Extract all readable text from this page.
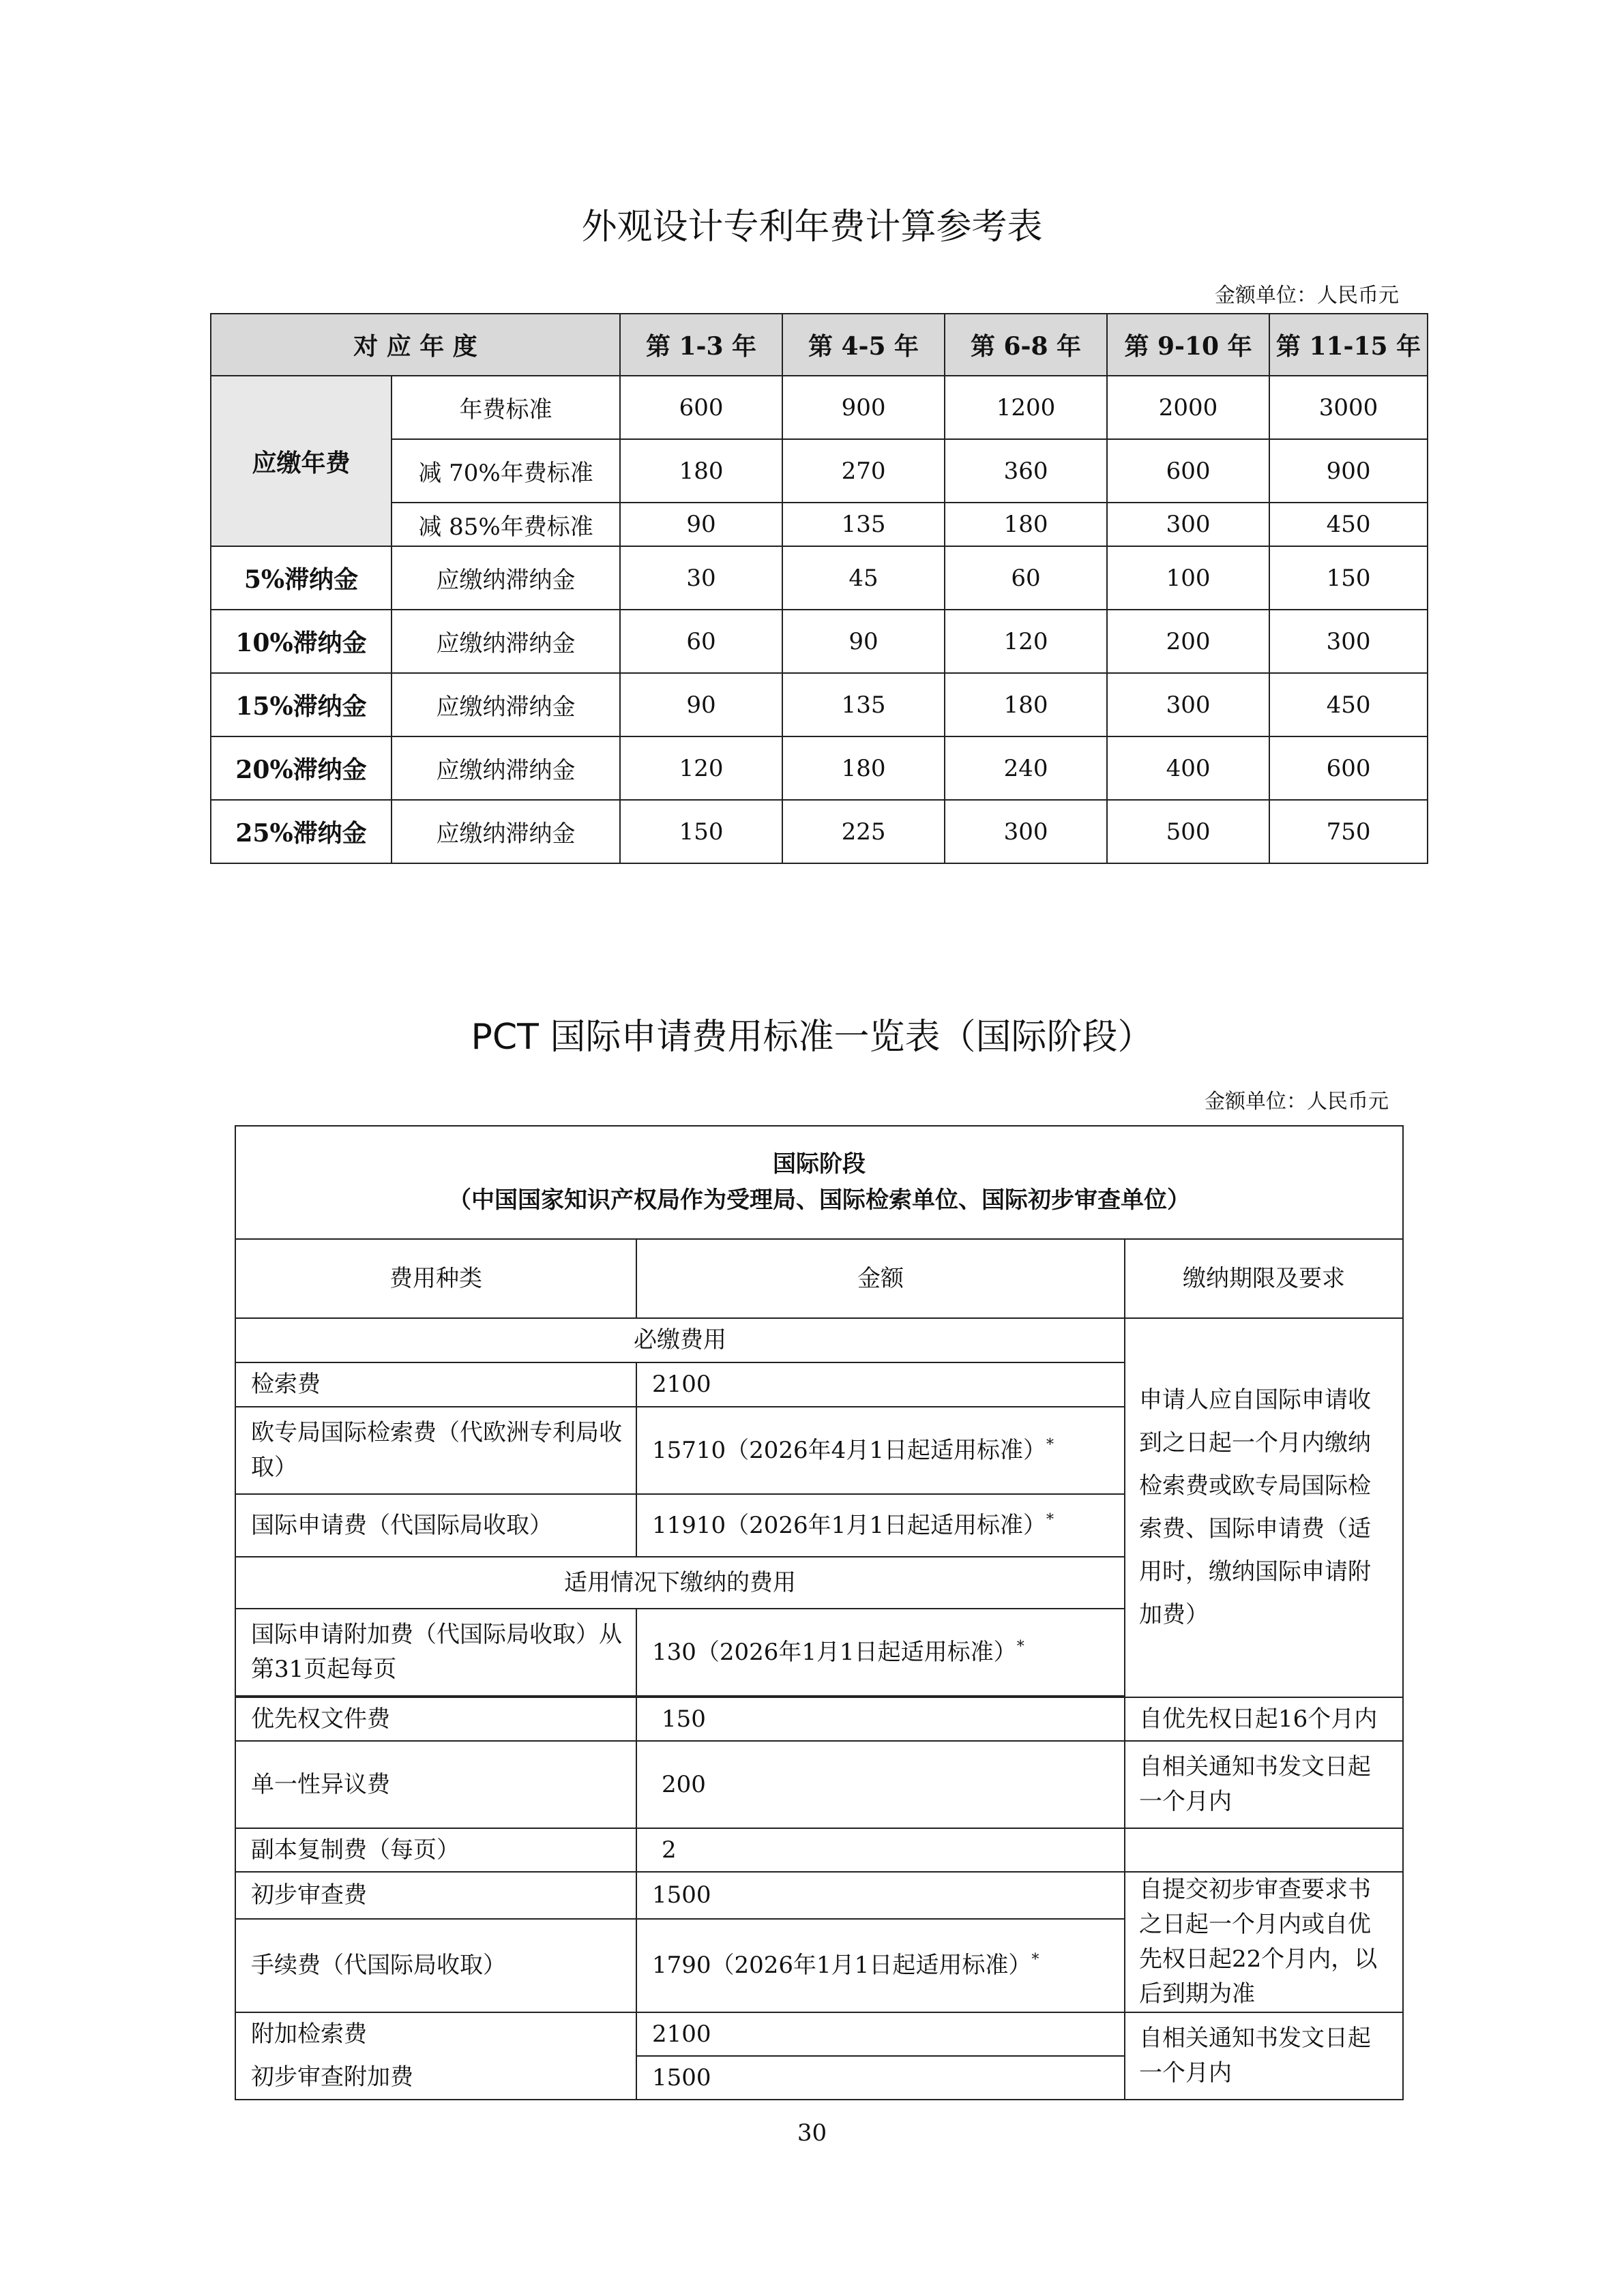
外观设计专利年费计算参考表
金额单位：人民币元
对 应 年 度		第 1-3 年	第 4-5 年	第 6-8 年	第 9-10 年	第 11-15 年
应缴年费	年费标准	600	900	1200	2000	3000
	减 70%年费标准	180	270	360	600	900
	减 85%年费标准	90	135	180	300	450
5%滞纳金	应缴纳滞纳金	30	45	60	100	150
10%滞纳金	应缴纳滞纳金	60	90	120	200	300
15%滞纳金	应缴纳滞纳金	90	135	180	300	450
20%滞纳金	应缴纳滞纳金	120	180	240	400	600
25%滞纳金	应缴纳滞纳金	150	225	300	500	750
PCT 国际申请费用标准一览表（国际阶段）
金额单位：人民币元
国际阶段
（中国国家知识产权局作为受理局、国际检索单位、国际初步审查单位）		

费用种类	金额	缴纳期限及要求
必缴费用		申请人应自国际申请收到之日起一个月内缴纳检索费或欧专局国际检索费、国际申请费（适用时，缴纳国际申请附加费）
检索费	2100	
欧专局国际检索费（代欧洲专利局收取）	15710（2026年4月1日起适用标准）*
国际申请费（代国际局收取）	11910（2026年1月1日起适用标准）*
适用情况下缴纳的费用		
国际申请附加费（代国际局收取）从第31页起每页	130（2026年1月1日起适用标准）*

优先权文件费	150	自优先权日起16个月内
单一性异议费	200	自相关通知书发文日起一个月内
副本复制费（每页）	2	
初步审查费	1500	自提交初步审查要求书之日起一个月内或自优先权日起22个月内，以后到期为准
手续费（代国际局收取）	1790（2026年1月1日起适用标准）*
附加检索费	2100	自相关通知书发文日起一个月内
初步审查附加费	1500	
30
